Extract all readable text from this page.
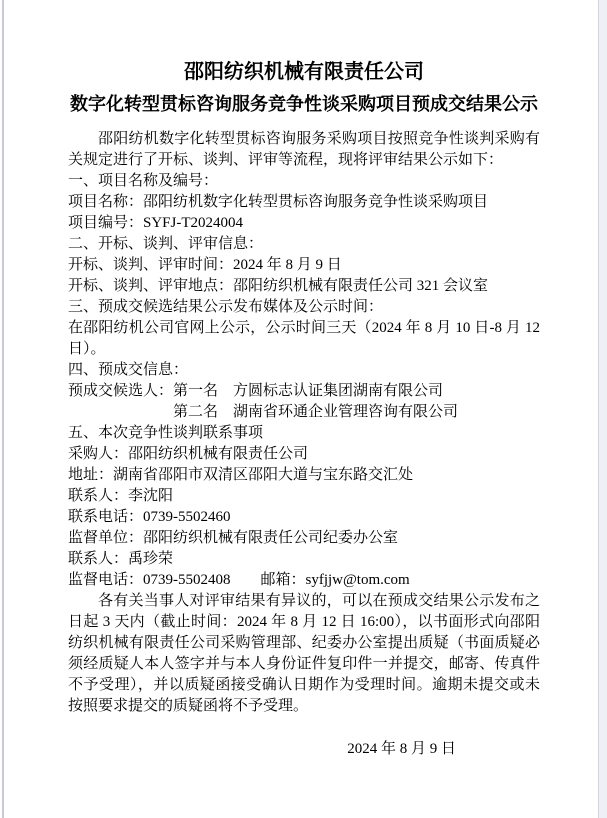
邵阳纺织机械有限责任公司
数字化转型贯标咨询服务竞争性谈采购项目预成交结果公示

邵阳纺机数字化转型贯标咨询服务采购项目按照竞争性谈判采购有关规定进行了开标、谈判、评审等流程，现将评审结果公示如下：

一、项目名称及编号：

项目名称：邵阳纺机数字化转型贯标咨询服务竞争性谈采购项目

项目编号：SYFJ-T2024004

二、开标、谈判、评审信息：

开标、谈判、评审时间：2024 年 8 月 9 日

开标、谈判、评审地点：邵阳纺织机械有限责任公司 321 会议室

三、预成交候选结果公示发布媒体及公示时间：

在邵阳纺机公司官网上公示，公示时间三天（2024 年 8 月 10 日-8 月 12 日）。

四、预成交信息：

预成交候选人：第一名　方圆标志认证集团湖南有限公司

第二名　湖南省环通企业管理咨询有限公司

五、本次竞争性谈判联系事项

采购人：邵阳纺织机械有限责任公司

地址：湖南省邵阳市双清区邵阳大道与宝东路交汇处

联系人：李沈阳

联系电话：0739-5502460

监督单位：邵阳纺织机械有限责任公司纪委办公室

联系人：禹珍荣

监督电话：0739-5502408　　邮箱：syfjjw@tom.com

各有关当事人对评审结果有异议的，可以在预成交结果公示发布之日起 3 天内（截止时间：2024 年 8 月 12 日 16:00），以书面形式向邵阳纺织机械有限责任公司采购管理部、纪委办公室提出质疑（书面质疑必须经质疑人本人签字并与本人身份证件复印件一并提交，邮寄、传真件不予受理），并以质疑函接受确认日期作为受理时间。逾期未提交或未按照要求提交的质疑函将不予受理。

2024 年 8 月 9 日
